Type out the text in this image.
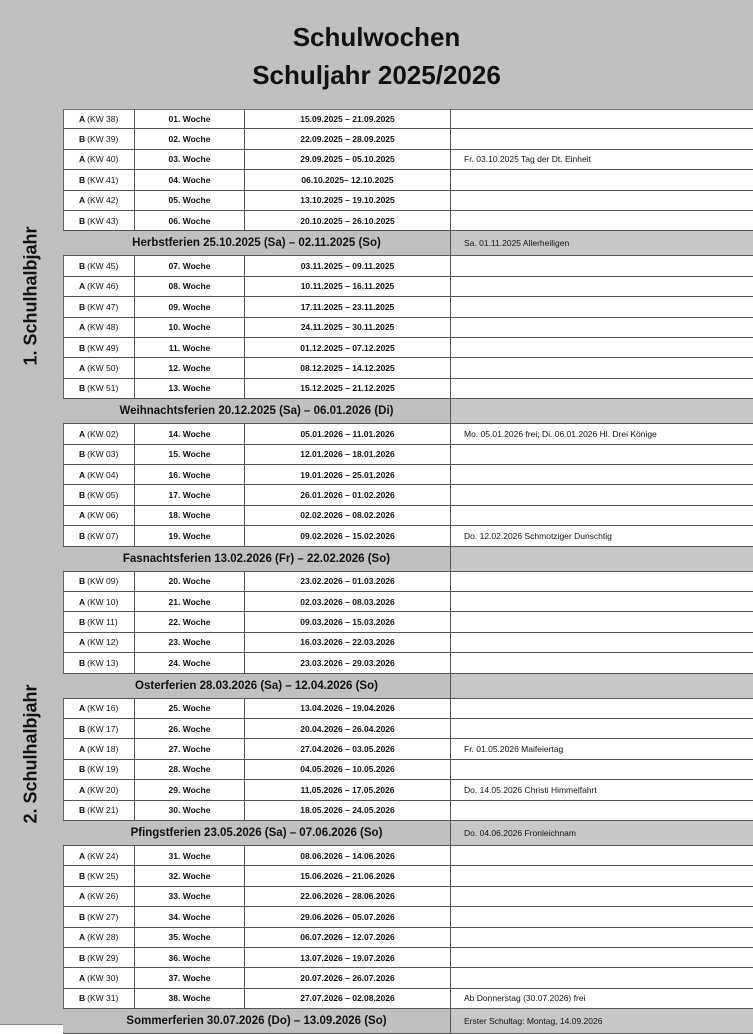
Schulwochen
Schuljahr 2025/2026
1. Schulhalbjahr
2. Schulhalbjahr
A (KW 38)	01. Woche	15.09.2025 – 21.09.2025
B (KW 39)	02. Woche	22.09.2025 – 28.09.2025
A (KW 40)	03. Woche	29.09.2025 – 05.10.2025	Fr. 03.10.2025 Tag der Dt. Einheit
B (KW 41)	04. Woche	06.10.2025– 12.10.2025
A (KW 42)	05. Woche	13.10.2025 – 19.10.2025
B (KW 43)	06. Woche	20.10.2025 – 26.10.2025
Herbstferien 25.10.2025 (Sa) – 02.11.2025 (So)	Sa. 01.11.2025 Allerheiligen
B (KW 45)	07. Woche	03.11.2025 – 09.11.2025
A (KW 46)	08. Woche	10.11.2025 – 16.11.2025
B (KW 47)	09. Woche	17.11.2025 – 23.11.2025
A (KW 48)	10. Woche	24.11.2025 – 30.11.2025
B (KW 49)	11. Woche	01.12.2025 – 07.12.2025
A (KW 50)	12. Woche	08.12.2025 – 14.12.2025
B (KW 51)	13. Woche	15.12.2025 – 21.12.2025
Weihnachtsferien 20.12.2025 (Sa) – 06.01.2026 (Di)
A (KW 02)	14. Woche	05.01.2026 – 11.01.2026	Mo. 05.01.2026 frei; Di. 06.01.2026 Hl. Drei Könige
B (KW 03)	15. Woche	12.01.2026 – 18.01.2026
A (KW 04)	16. Woche	19.01.2026 – 25.01.2026
B (KW 05)	17. Woche	26.01.2026 – 01.02.2026
A (KW 06)	18. Woche	02.02.2026 – 08.02.2026
B (KW 07)	19. Woche	09.02.2026 – 15.02.2026	Do. 12.02.2026 Schmotziger Dunschtig
Fasnachtsferien 13.02.2026 (Fr) – 22.02.2026 (So)
B (KW 09)	20. Woche	23.02.2026 – 01.03.2026
A (KW 10)	21. Woche	02.03.2026 – 08.03.2026
B (KW 11)	22. Woche	09.03.2026 – 15.03.2026
A (KW 12)	23. Woche	16.03.2026 – 22.03.2026
B (KW 13)	24. Woche	23.03.2026 – 29.03.2026
Osterferien 28.03.2026 (Sa) – 12.04.2026 (So)
A (KW 16)	25. Woche	13.04.2026 – 19.04.2026
B (KW 17)	26. Woche	20.04.2026 – 26.04.2026
A (KW 18)	27. Woche	27.04.2026 – 03.05.2026	Fr. 01.05.2026 Maifeiertag
B (KW 19)	28. Woche	04.05.2026 – 10.05.2026
A (KW 20)	29. Woche	11.05.2026 – 17.05.2026	Do. 14.05.2026 Christi Himmelfahrt
B (KW 21)	30. Woche	18.05.2026 – 24.05.2026
Pfingstferien 23.05.2026 (Sa) – 07.06.2026 (So)	Do. 04.06.2026 Fronleichnam
A (KW 24)	31. Woche	08.06.2026 – 14.06.2026
B (KW 25)	32. Woche	15.06.2026 – 21.06.2026
A (KW 26)	33. Woche	22.06.2026 – 28.06.2026
B (KW 27)	34. Woche	29.06.2026 – 05.07.2026
A (KW 28)	35. Woche	06.07.2026 – 12.07.2026
B (KW 29)	36. Woche	13.07.2026 – 19.07.2026
A (KW 30)	37. Woche	20.07.2026 – 26.07.2026
B (KW 31)	38. Woche	27.07.2026 – 02.08.2026	Ab Donnerstag (30.07.2026) frei
Sommerferien 30.07.2026 (Do) – 13.09.2026 (So)	Erster Schultag: Montag, 14.09.2026
